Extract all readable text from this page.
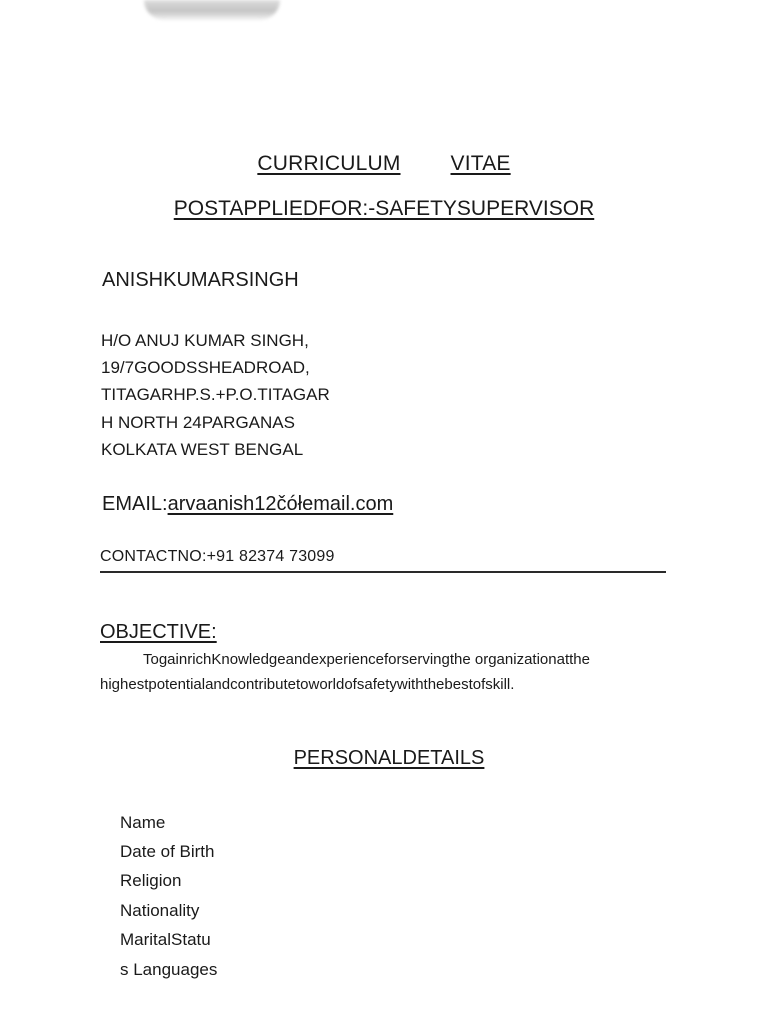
CURRICULUM VITAE
POSTAPPLIEDFOR:-SAFETYSUPERVISOR
ANISHKUMARSINGH
H/O ANUJ KUMAR SINGH,
19/7GOODSSHEADROAD,
TITAGARHP.S.+P.O.TITAGAR
H NORTH 24PARGANAS
KOLKATA WEST BENGAL
EMAIL:arvaanish12čółemail.com
CONTACTNO:+91 82374 73099
OBJECTIVE:
TogainrichKnowledgeandexperienceforservingthe organizationatthe
highestpotentialandcontributetoworldofsafetywiththebestofskill.
PERSONALDETAILS
Name
Date of Birth
Religion
Nationality
MaritalStatu
s Languages
